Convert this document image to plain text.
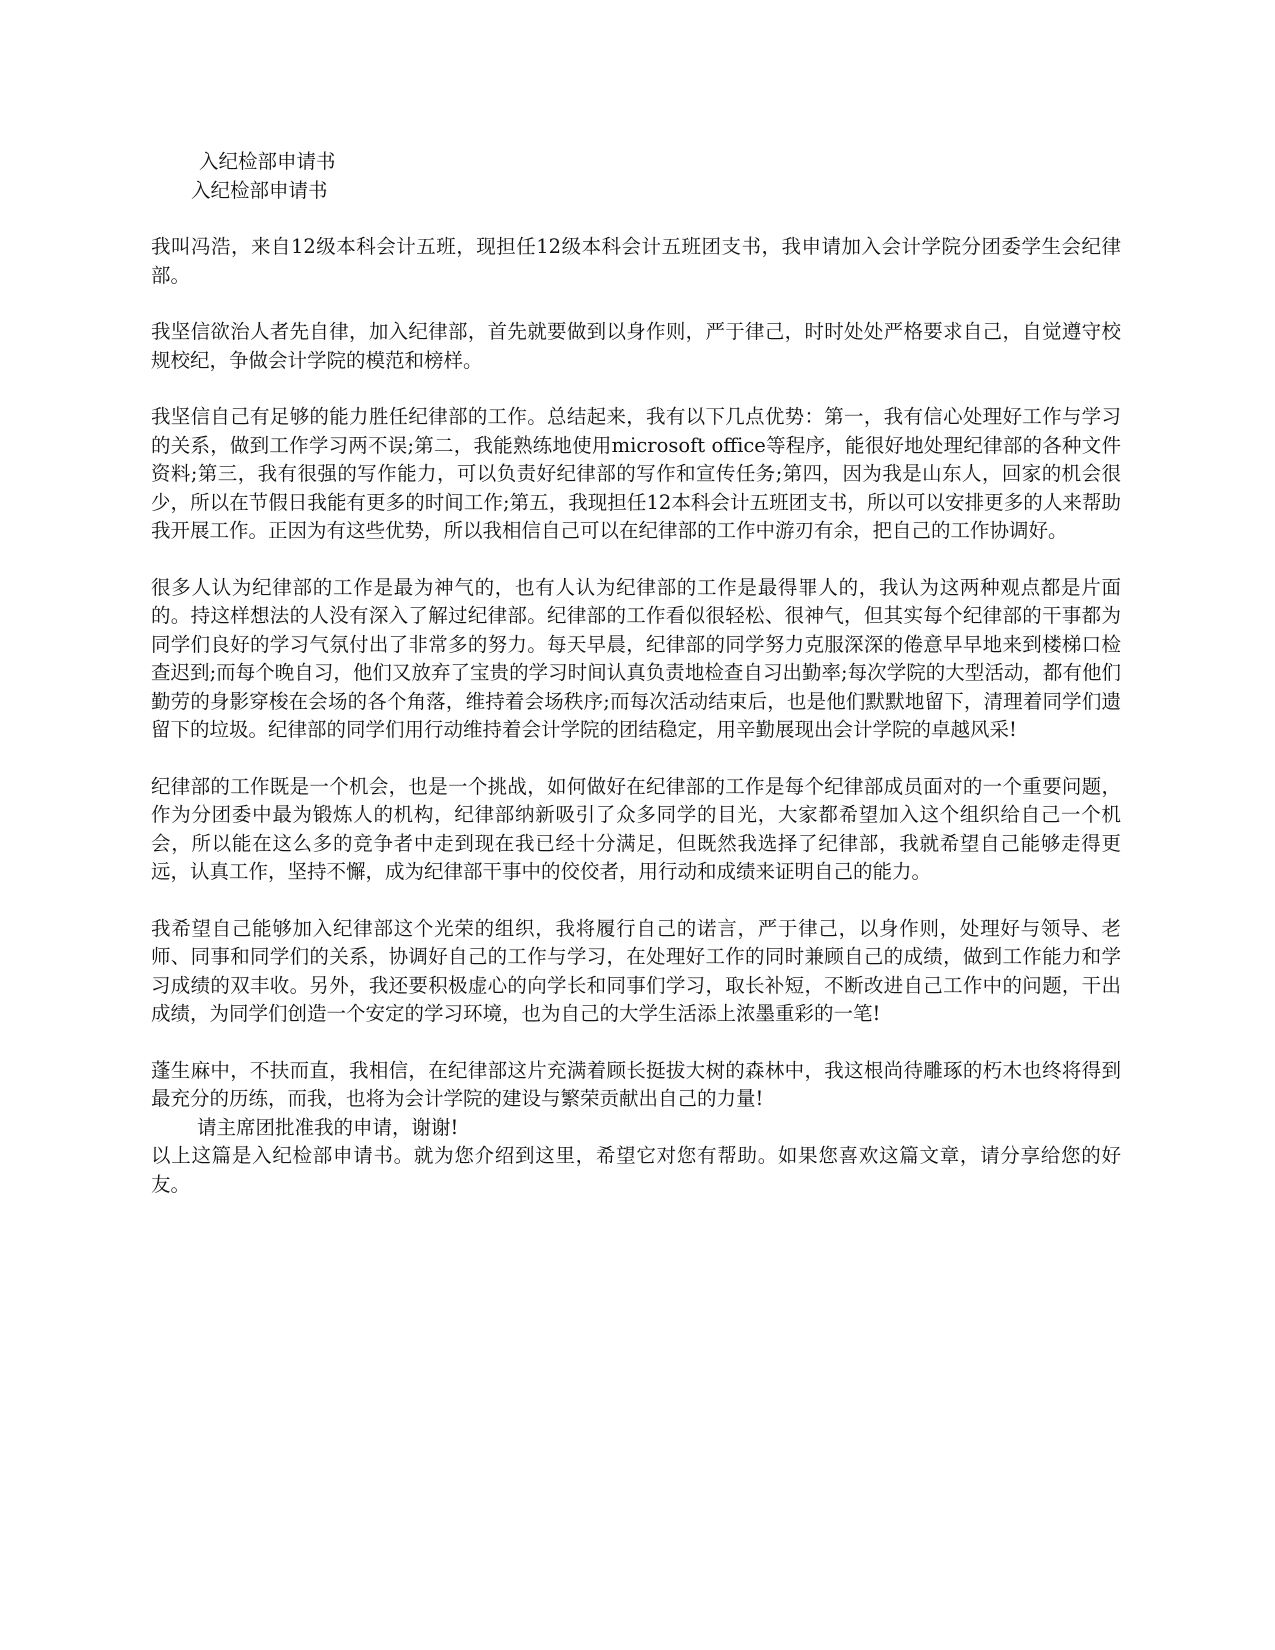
入纪检部申请书

入纪检部申请书

我叫冯浩，来自12级本科会计五班，现担任12级本科会计五班团支书，我申请加入会计学院分团委学生会纪律部。

我坚信欲治人者先自律，加入纪律部，首先就要做到以身作则，严于律己，时时处处严格要求自己，自觉遵守校规校纪，争做会计学院的模范和榜样。

我坚信自己有足够的能力胜任纪律部的工作。总结起来，我有以下几点优势：第一，我有信心处理好工作与学习的关系，做到工作学习两不误;第二，我能熟练地使用microsoft office等程序，能很好地处理纪律部的各种文件资料;第三，我有很强的写作能力，可以负责好纪律部的写作和宣传任务;第四，因为我是山东人，回家的机会很少，所以在节假日我能有更多的时间工作;第五，我现担任12本科会计五班团支书，所以可以安排更多的人来帮助我开展工作。正因为有这些优势，所以我相信自己可以在纪律部的工作中游刃有余，把自己的工作协调好。

很多人认为纪律部的工作是最为神气的，也有人认为纪律部的工作是最得罪人的，我认为这两种观点都是片面的。持这样想法的人没有深入了解过纪律部。纪律部的工作看似很轻松、很神气，但其实每个纪律部的干事都为同学们良好的学习气氛付出了非常多的努力。每天早晨，纪律部的同学努力克服深深的倦意早早地来到楼梯口检查迟到;而每个晚自习，他们又放弃了宝贵的学习时间认真负责地检查自习出勤率;每次学院的大型活动，都有他们勤劳的身影穿梭在会场的各个角落，维持着会场秩序;而每次活动结束后，也是他们默默地留下，清理着同学们遗留下的垃圾。纪律部的同学们用行动维持着会计学院的团结稳定，用辛勤展现出会计学院的卓越风采!

纪律部的工作既是一个机会，也是一个挑战，如何做好在纪律部的工作是每个纪律部成员面对的一个重要问题，作为分团委中最为锻炼人的机构，纪律部纳新吸引了众多同学的目光，大家都希望加入这个组织给自己一个机会，所以能在这么多的竞争者中走到现在我已经十分满足，但既然我选择了纪律部，我就希望自己能够走得更远，认真工作，坚持不懈，成为纪律部干事中的佼佼者，用行动和成绩来证明自己的能力。

我希望自己能够加入纪律部这个光荣的组织，我将履行自己的诺言，严于律己，以身作则，处理好与领导、老师、同事和同学们的关系，协调好自己的工作与学习，在处理好工作的同时兼顾自己的成绩，做到工作能力和学习成绩的双丰收。另外，我还要积极虚心的向学长和同事们学习，取长补短，不断改进自己工作中的问题，干出成绩，为同学们创造一个安定的学习环境，也为自己的大学生活添上浓墨重彩的一笔!

蓬生麻中，不扶而直，我相信，在纪律部这片充满着顾长挺拔大树的森林中，我这根尚待雕琢的朽木也终将得到最充分的历练，而我，也将为会计学院的建设与繁荣贡献出自己的力量!

请主席团批准我的申请，谢谢!

以上这篇是入纪检部申请书。就为您介绍到这里，希望它对您有帮助。如果您喜欢这篇文章，请分享给您的好友。
